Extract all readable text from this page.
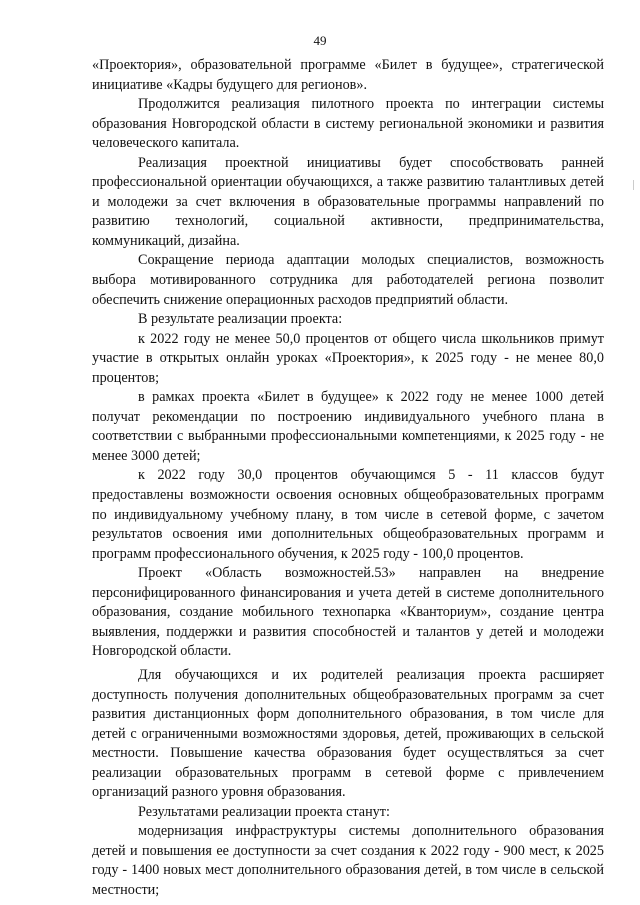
49

«Проектория», образовательной программе «Билет в будущее», стратегической инициативе «Кадры будущего для регионов».

Продолжится реализация пилотного проекта по интеграции системы образования Новгородской области в систему региональной экономики и развития человеческого капитала.

Реализация проектной инициативы будет способствовать ранней профессиональной ориентации обучающихся, а также развитию талантливых детей и молодежи за счет включения в образовательные программы направлений по развитию технологий, социальной активности, предпринимательства, коммуникаций, дизайна.

Сокращение периода адаптации молодых специалистов, возможность выбора мотивированного сотрудника для работодателей региона позволит обеспечить снижение операционных расходов предприятий области.

В результате реализации проекта:

к 2022 году не менее 50,0 процентов от общего числа школьников примут участие в открытых онлайн уроках «Проектория», к 2025 году - не менее 80,0 процентов;

в рамках проекта «Билет в будущее» к 2022 году не менее 1000 детей получат рекомендации по построению индивидуального учебного плана в соответствии с выбранными профессиональными компетенциями, к 2025 году - не менее 3000 детей;

к 2022 году 30,0 процентов обучающимся 5 - 11 классов будут предоставлены возможности освоения основных общеобразовательных программ по индивидуальному учебному плану, в том числе в сетевой форме, с зачетом результатов освоения ими дополнительных общеобразовательных программ и программ профессионального обучения, к 2025 году - 100,0 процентов.

Проект «Область возможностей.53» направлен на внедрение персонифицированного финансирования и учета детей в системе дополнительного образования, создание мобильного технопарка «Кванториум», создание центра выявления, поддержки и развития способностей и талантов у детей и молодежи Новгородской области.

Для обучающихся и их родителей реализация проекта расширяет доступность получения дополнительных общеобразовательных программ за счет развития дистанционных форм дополнительного образования, в том числе для детей с ограниченными возможностями здоровья, детей, проживающих в сельской местности. Повышение качества образования будет осуществляться за счет реализации образовательных программ в сетевой форме с привлечением организаций разного уровня образования.

Результатами реализации проекта станут:

модернизация инфраструктуры системы дополнительного образования детей и повышения ее доступности за счет создания к 2022 году - 900 мест, к 2025 году - 1400 новых мест дополнительного образования детей, в том числе в сельской местности;
